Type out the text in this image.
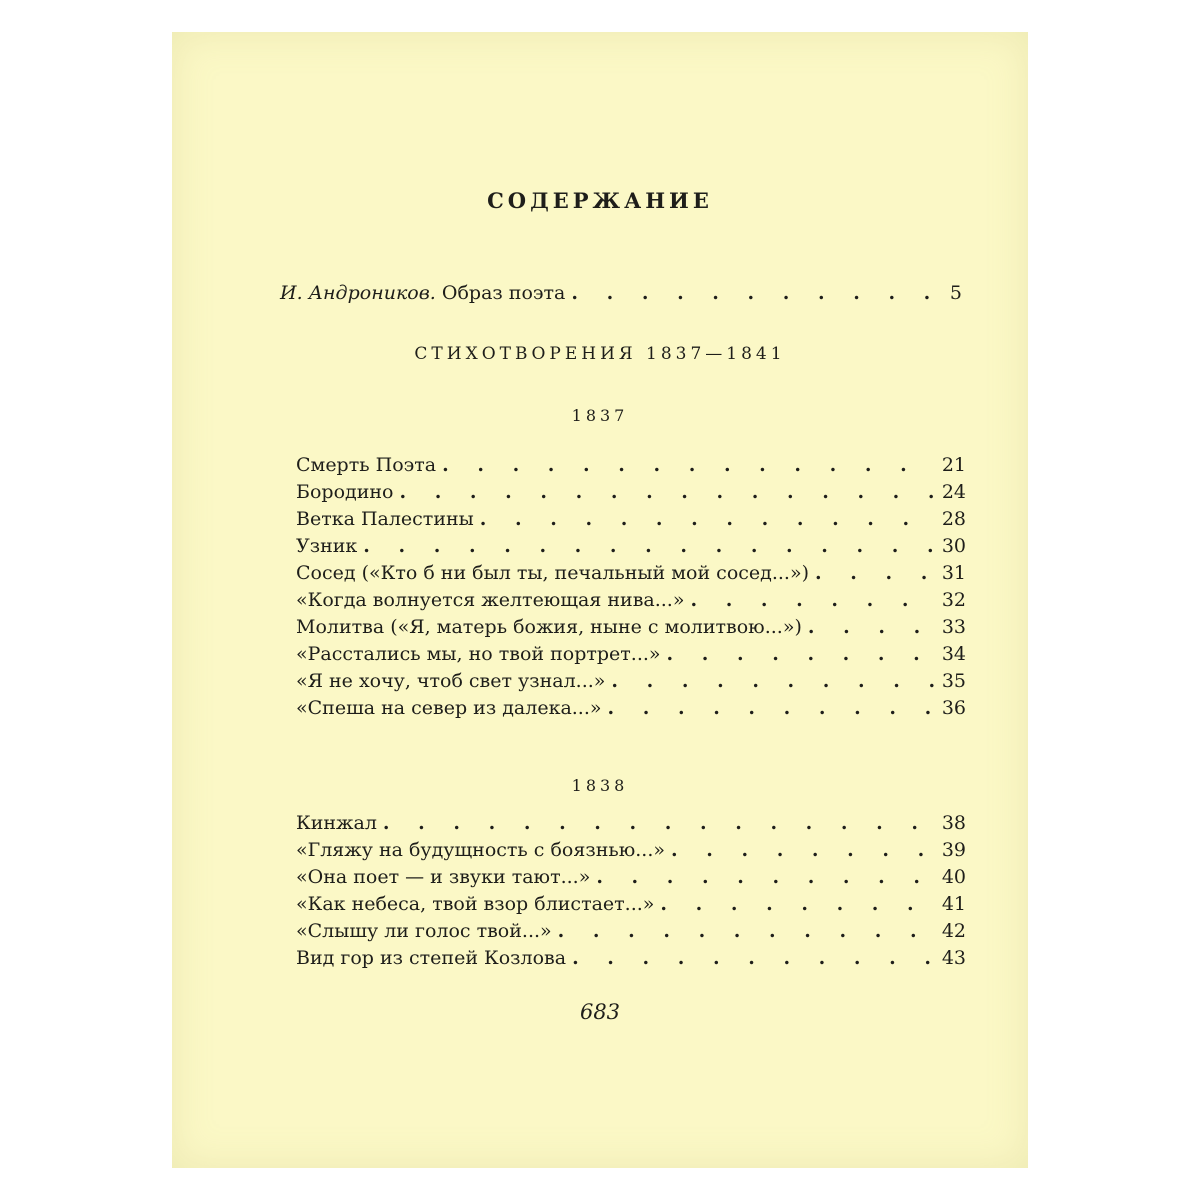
СОДЕРЖАНИЕ
И. Андроников. Образ поэта . . .	5
СТИХОТВОРЕНИЯ 1837—1841
1837
Смерть Поэта . . .	21
Бородино . . .	24
Ветка Палестины . . .	28
Узник . . .	30
Сосед («Кто б ни был ты, печальный мой сосед...») . . .	31
«Когда волнуется желтеющая нива...» . . .	32
Молитва («Я, матерь божия, ныне с молитвою...») . . .	33
«Расстались мы, но твой портрет...» . . .	34
«Я не хочу, чтоб свет узнал...» . . .	35
«Спеша на север из далека...» . . .	36
1838
Кинжал . . .	38
«Гляжу на будущность с боязнью...» . . .	39
«Она поет — и звуки тают...» . . .	40
«Как небеса, твой взор блистает...» . . .	41
«Слышу ли голос твой...» . . .	42
Вид гор из степей Козлова . . .	43
683
